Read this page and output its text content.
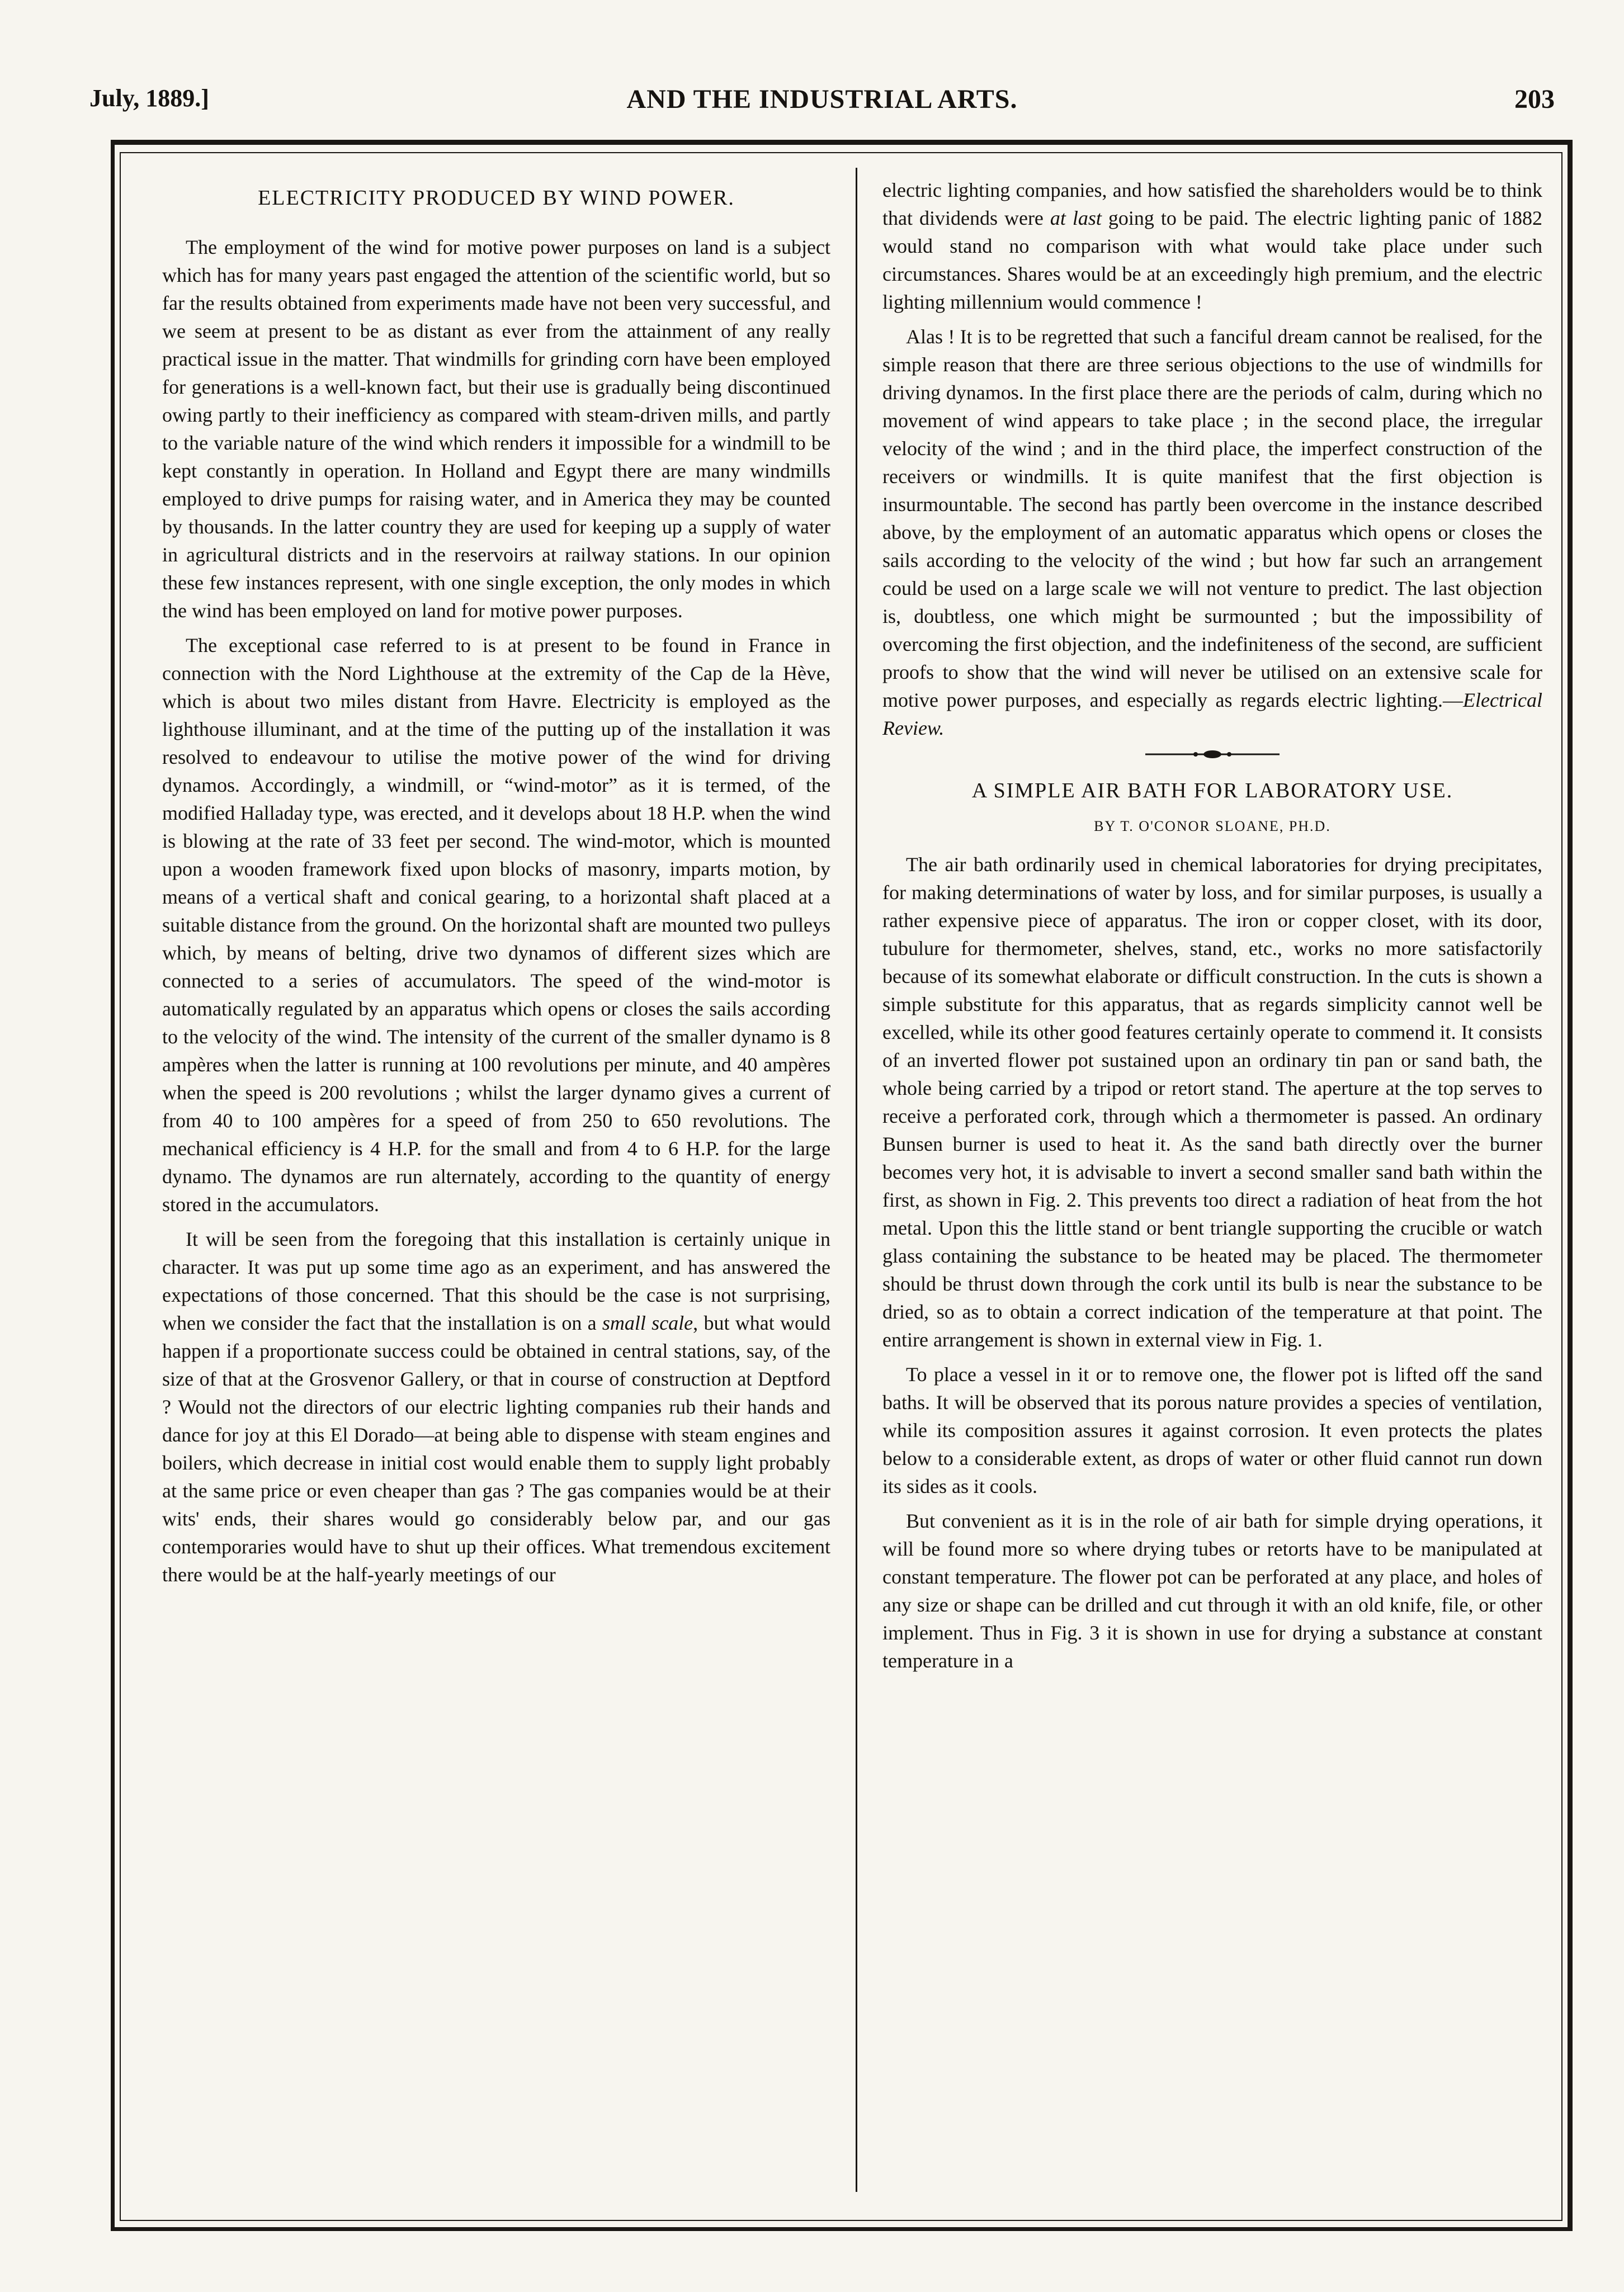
July, 1889.]	AND THE INDUSTRIAL ARTS.	203
ELECTRICITY PRODUCED BY WIND POWER.

The employment of the wind for motive power purposes on land is a subject which has for many years past engaged the attention of the scientific world, but so far the results obtained from experiments made have not been very successful, and we seem at present to be as distant as ever from the attainment of any really practical issue in the matter. That windmills for grinding corn have been employed for generations is a well-known fact, but their use is gradually being discontinued owing partly to their inefficiency as compared with steam-driven mills, and partly to the variable nature of the wind which renders it impossible for a windmill to be kept constantly in operation. In Holland and Egypt there are many windmills employed to drive pumps for raising water, and in America they may be counted by thousands. In the latter country they are used for keeping up a supply of water in agricultural districts and in the reservoirs at railway stations. In our opinion these few instances represent, with one single exception, the only modes in which the wind has been employed on land for motive power purposes.

The exceptional case referred to is at present to be found in France in connection with the Nord Lighthouse at the extremity of the Cap de la Hève, which is about two miles distant from Havre. Electricity is employed as the lighthouse illuminant, and at the time of the putting up of the installation it was resolved to endeavour to utilise the motive power of the wind for driving dynamos. Accordingly, a windmill, or “wind-motor” as it is termed, of the modified Halladay type, was erected, and it develops about 18 H.P. when the wind is blowing at the rate of 33 feet per second. The wind-motor, which is mounted upon a wooden framework fixed upon blocks of masonry, imparts motion, by means of a vertical shaft and conical gearing, to a horizontal shaft placed at a suitable distance from the ground. On the horizontal shaft are mounted two pulleys which, by means of belting, drive two dynamos of different sizes which are connected to a series of accumulators. The speed of the wind-motor is automatically regulated by an apparatus which opens or closes the sails according to the velocity of the wind. The intensity of the current of the smaller dynamo is 8 ampères when the latter is running at 100 revolutions per minute, and 40 ampères when the speed is 200 revolutions ; whilst the larger dynamo gives a current of from 40 to 100 ampères for a speed of from 250 to 650 revolutions. The mechanical efficiency is 4 H.P. for the small and from 4 to 6 H.P. for the large dynamo. The dynamos are run alternately, according to the quantity of energy stored in the accumulators.

It will be seen from the foregoing that this installation is certainly unique in character. It was put up some time ago as an experiment, and has answered the expectations of those concerned. That this should be the case is not surprising, when we consider the fact that the installation is on a small scale, but what would happen if a proportionate success could be obtained in central stations, say, of the size of that at the Grosvenor Gallery, or that in course of construction at Deptford ? Would not the directors of our electric lighting companies rub their hands and dance for joy at this El Dorado—at being able to dispense with steam engines and boilers, which decrease in initial cost would enable them to supply light probably at the same price or even cheaper than gas ? The gas companies would be at their wits' ends, their shares would go considerably below par, and our gas contemporaries would have to shut up their offices. What tremendous excitement there would be at the half-yearly meetings of our

electric lighting companies, and how satisfied the shareholders would be to think that dividends were at last going to be paid. The electric lighting panic of 1882 would stand no comparison with what would take place under such circumstances. Shares would be at an exceedingly high premium, and the electric lighting millennium would commence !

Alas ! It is to be regretted that such a fanciful dream cannot be realised, for the simple reason that there are three serious objections to the use of windmills for driving dynamos. In the first place there are the periods of calm, during which no movement of wind appears to take place ; in the second place, the irregular velocity of the wind ; and in the third place, the imperfect construction of the receivers or windmills. It is quite manifest that the first objection is insurmountable. The second has partly been overcome in the instance described above, by the employment of an automatic apparatus which opens or closes the sails according to the velocity of the wind ; but how far such an arrangement could be used on a large scale we will not venture to predict. The last objection is, doubtless, one which might be surmounted ; but the impossibility of overcoming the first objection, and the indefiniteness of the second, are sufficient proofs to show that the wind will never be utilised on an extensive scale for motive power purposes, and especially as regards electric lighting.—Electrical Review.

A SIMPLE AIR BATH FOR LABORATORY USE.
BY T. O'CONOR SLOANE, PH.D.

The air bath ordinarily used in chemical laboratories for drying precipitates, for making determinations of water by loss, and for similar purposes, is usually a rather expensive piece of apparatus. The iron or copper closet, with its door, tubulure for thermometer, shelves, stand, etc., works no more satisfactorily because of its somewhat elaborate or difficult construction. In the cuts is shown a simple substitute for this apparatus, that as regards simplicity cannot well be excelled, while its other good features certainly operate to commend it. It consists of an inverted flower pot sustained upon an ordinary tin pan or sand bath, the whole being carried by a tripod or retort stand. The aperture at the top serves to receive a perforated cork, through which a thermometer is passed. An ordinary Bunsen burner is used to heat it. As the sand bath directly over the burner becomes very hot, it is advisable to invert a second smaller sand bath within the first, as shown in Fig. 2. This prevents too direct a radiation of heat from the hot metal. Upon this the little stand or bent triangle supporting the crucible or watch glass containing the substance to be heated may be placed. The thermometer should be thrust down through the cork until its bulb is near the substance to be dried, so as to obtain a correct indication of the temperature at that point. The entire arrangement is shown in external view in Fig. 1.

To place a vessel in it or to remove one, the flower pot is lifted off the sand baths. It will be observed that its porous nature provides a species of ventilation, while its composition assures it against corrosion. It even protects the plates below to a considerable extent, as drops of water or other fluid cannot run down its sides as it cools.

But convenient as it is in the role of air bath for simple drying operations, it will be found more so where drying tubes or retorts have to be manipulated at constant temperature. The flower pot can be perforated at any place, and holes of any size or shape can be drilled and cut through it with an old knife, file, or other implement. Thus in Fig. 3 it is shown in use for drying a substance at constant temperature in a
